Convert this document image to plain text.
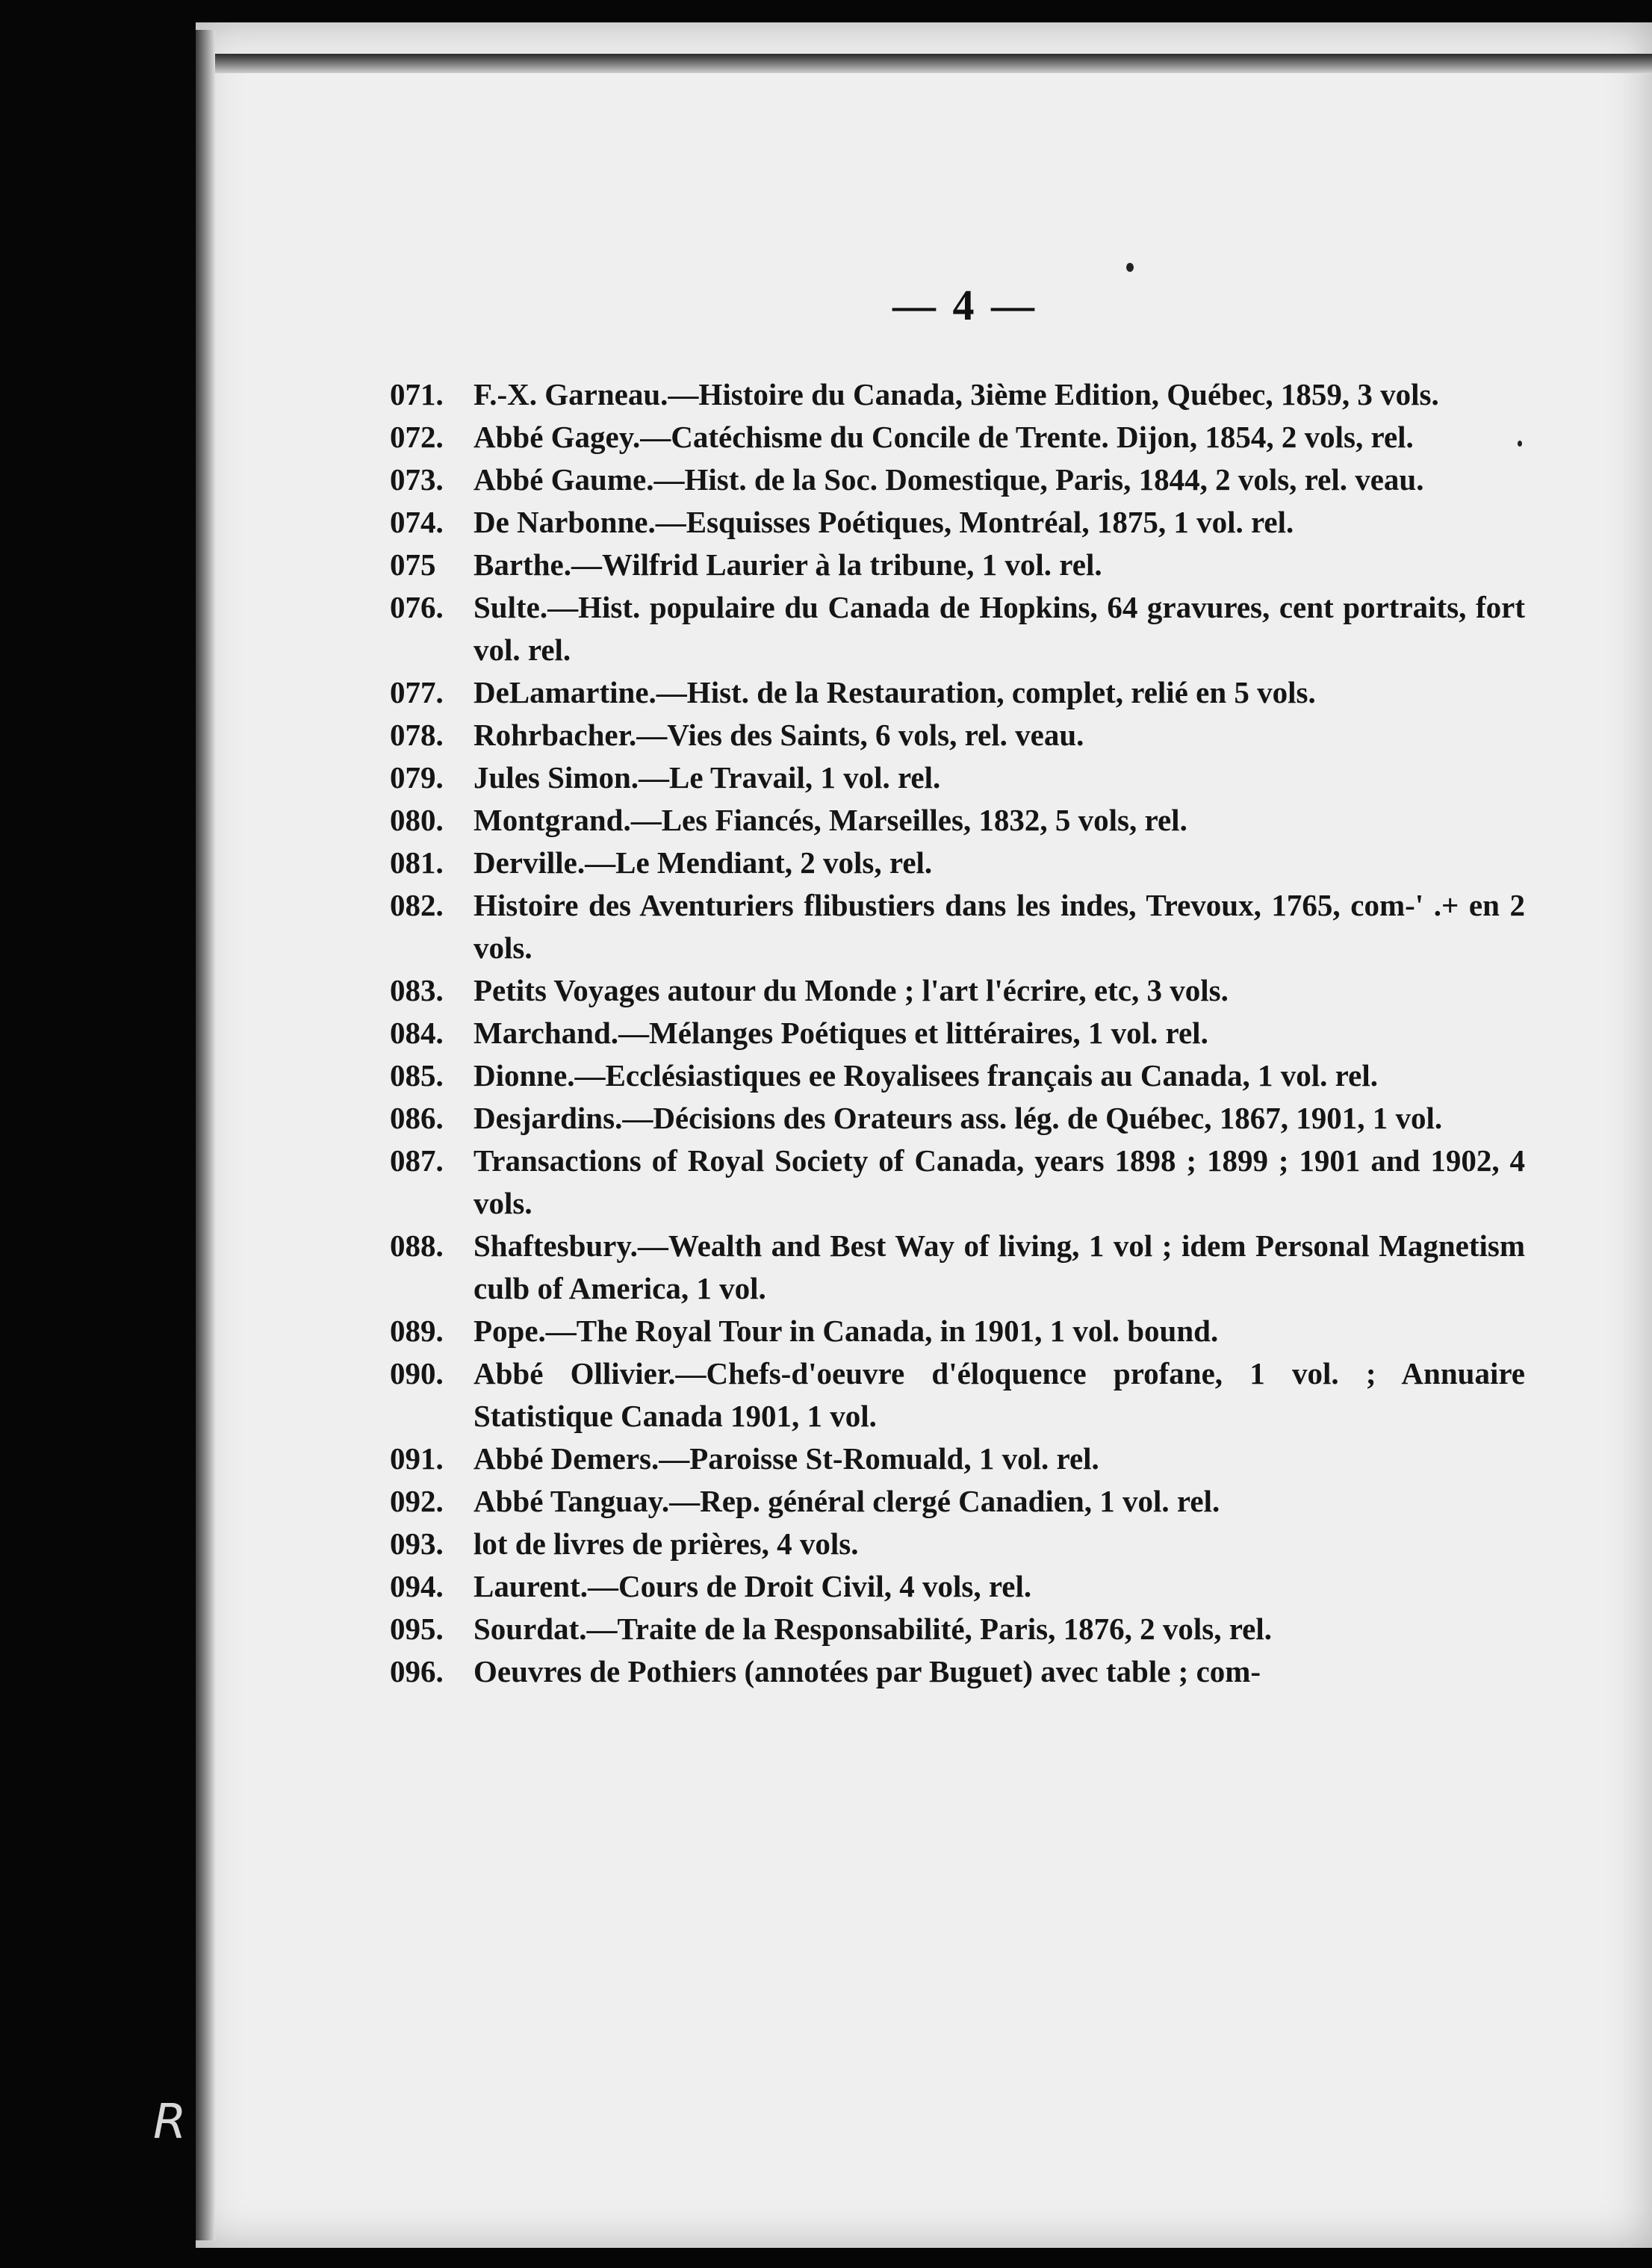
— 4 —
071. F.-X. Garneau.—Histoire du Canada, 3ième Edition, Québec, 1859, 3 vols.
072. Abbé Gagey.—Catéchisme du Concile de Trente. Dijon, 1854, 2 vols, rel.
073. Abbé Gaume.—Hist. de la Soc. Domestique, Paris, 1844, 2 vols, rel. veau.
074. De Narbonne.—Esquisses Poétiques, Montréal, 1875, 1 vol. rel.
075	Barthe.—Wilfrid Laurier à la tribune, 1 vol. rel.
076. Sulte.—Hist. populaire du Canada de Hopkins, 64 gravures, cent portraits, fort vol. rel.
077. DeLamartine.—Hist. de la Restauration, complet, relié en 5 vols.
078. Rohrbacher.—Vies des Saints, 6 vols, rel. veau.
079. Jules Simon.—Le Travail, 1 vol. rel.
080. Montgrand.—Les Fiancés, Marseilles, 1832, 5 vols, rel.
081. Derville.—Le Mendiant, 2 vols, rel.
082. Histoire des Aventuriers flibustiers dans les indes, Trevoux, 1765, com-' .+ en 2 vols.
083. Petits Voyages autour du Monde ; l'art l'écrire, etc, 3 vols.
084. Marchand.—Mélanges Poétiques et littéraires, 1 vol. rel.
085. Dionne.—Ecclésiastiques ee Royalisees français au Canada, 1 vol. rel.
086. Desjardins.—Décisions des Orateurs ass. lég. de Québec, 1867, 1901, 1 vol.
087. Transactions of Royal Society of Canada, years 1898 ; 1899 ; 1901 and 1902, 4 vols.
088. Shaftesbury.—Wealth and Best Way of living, 1 vol ; idem Personal Magnetism culb of America, 1 vol.
089. Pope.—The Royal Tour in Canada, in 1901, 1 vol. bound.
090. Abbé Ollivier.—Chefs-d'oeuvre d'éloquence profane, 1 vol. ; Annuaire Statistique Canada 1901, 1 vol.
091. Abbé Demers.—Paroisse St-Romuald, 1 vol. rel.
092. Abbé Tanguay.—Rep. général clergé Canadien, 1 vol. rel.
093. lot de livres de prières, 4 vols.
094. Laurent.—Cours de Droit Civil, 4 vols, rel.
095. Sourdat.—Traite de la Responsabilité, Paris, 1876, 2 vols, rel.
096. Oeuvres de Pothiers (annotées par Buguet) avec table ; com-
R
